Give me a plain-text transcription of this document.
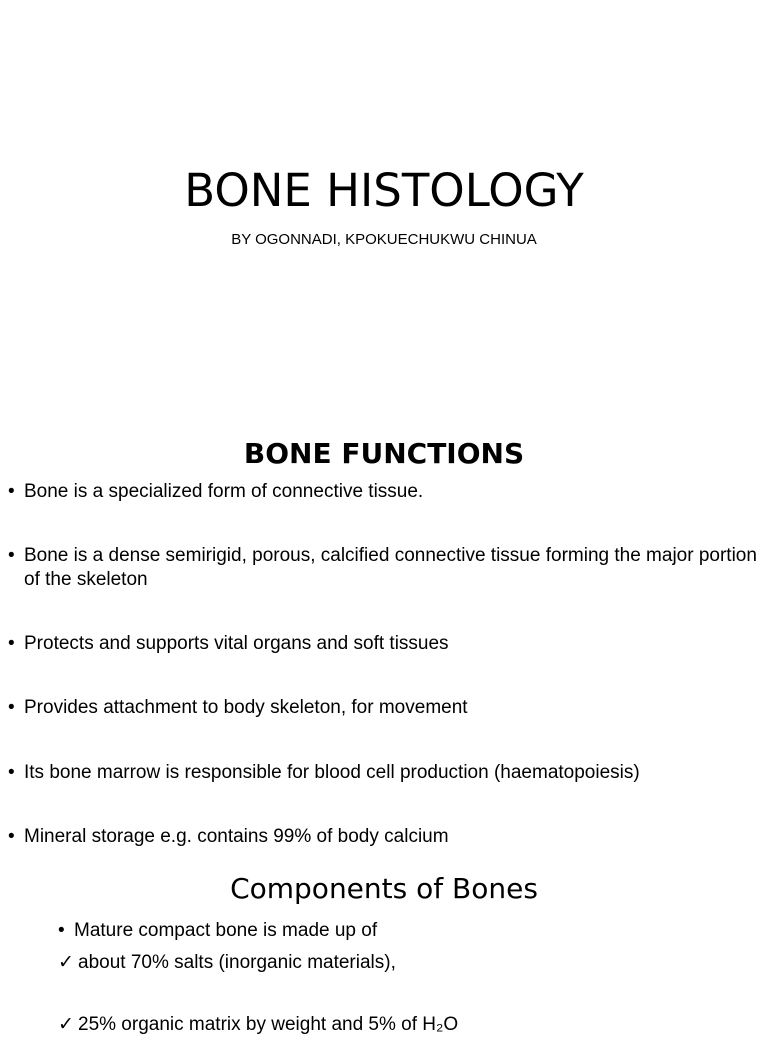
BONE HISTOLOGY
BY OGONNADI, KPOKUECHUKWU CHINUA
BONE FUNCTIONS
• Bone is a specialized form of connective tissue.
• Bone is a dense semirigid, porous, calcified connective tissue forming the major portion of the skeleton
• Protects and supports vital organs and soft tissues
• Provides attachment to body skeleton, for movement
• Its bone marrow is responsible for blood cell production (haematopoiesis)
• Mineral storage e.g. contains 99% of body calcium
Components of Bones
• Mature compact bone is made up of
✓ about 70% salts (inorganic materials),
✓ 25% organic matrix by weight and 5% of H₂O
